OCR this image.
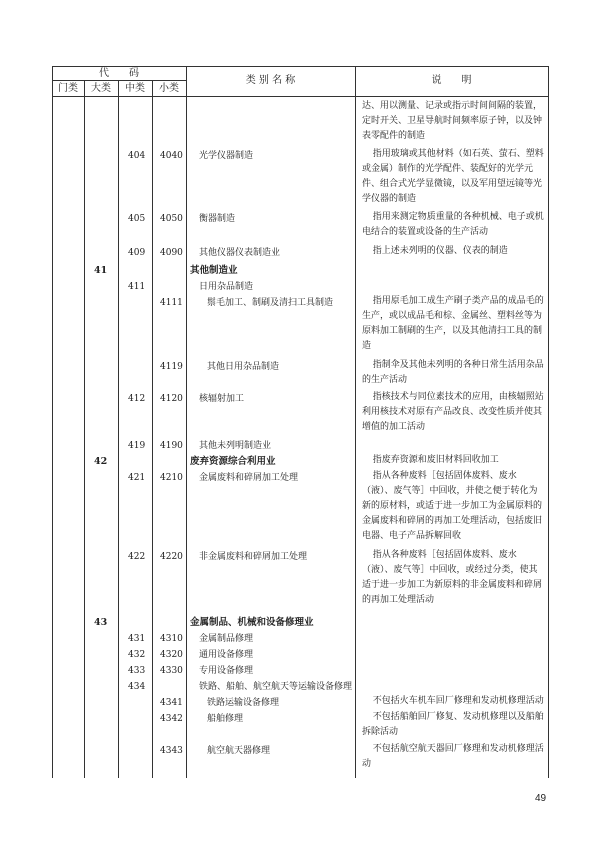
代　　码
门类	大类	中类	小类
类 别 名 称	说　　明
达、用以测量、记录或指示时间间隔的装置，定时开关、卫星导航时间频率原子钟，以及钟表零配件的制造
404 4040 光学仪器制造	指用玻璃或其他材料（如石英、萤石、塑料或金属）制作的光学配件、装配好的光学元件、组合式光学显微镜，以及军用望远镜等光学仪器的制造
405 4050 衡器制造	指用来测定物质重量的各种机械、电子或机电结合的装置或设备的生产活动
409 4090 其他仪器仪表制造业	指上述未列明的仪器、仪表的制造
41	其他制造业
411	日用杂品制造
4111	鬃毛加工、制刷及清扫工具制造	指用原毛加工成生产刷子类产品的成品毛的生产，或以成品毛和棕、金属丝、塑料丝等为原料加工制刷的生产，以及其他清扫工具的制造
4119	其他日用杂品制造	指制伞及其他未列明的各种日常生活用杂品的生产活动
412 4120 核辐射加工	指核技术与同位素技术的应用，由核辐照站利用核技术对原有产品改良、改变性质并使其增值的加工活动
419 4190 其他未列明制造业
42	废弃资源综合利用业	指废弃资源和废旧材料回收加工
421 4210 金属废料和碎屑加工处理	指从各种废料［包括固体废料、废水（液）、废气等］中回收，并使之便于转化为新的原材料，或适于进一步加工为金属原料的金属废料和碎屑的再加工处理活动，包括废旧电器、电子产品拆解回收
422 4220 非金属废料和碎屑加工处理	指从各种废料［包括固体废料、废水（液）、废气等］中回收，或经过分类，使其适于进一步加工为新原料的非金属废料和碎屑的再加工处理活动
43	金属制品、机械和设备修理业
431 4310 金属制品修理
432 4320 通用设备修理
433 4330 专用设备修理
434	铁路、船舶、航空航天等运输设备修理
4341	铁路运输设备修理	不包括火车机车回厂修理和发动机修理活动
4342	船舶修理	不包括船舶回厂修复、发动机修理以及船舶拆除活动
4343	航空航天器修理	不包括航空航天器回厂修理和发动机修理活动
49
